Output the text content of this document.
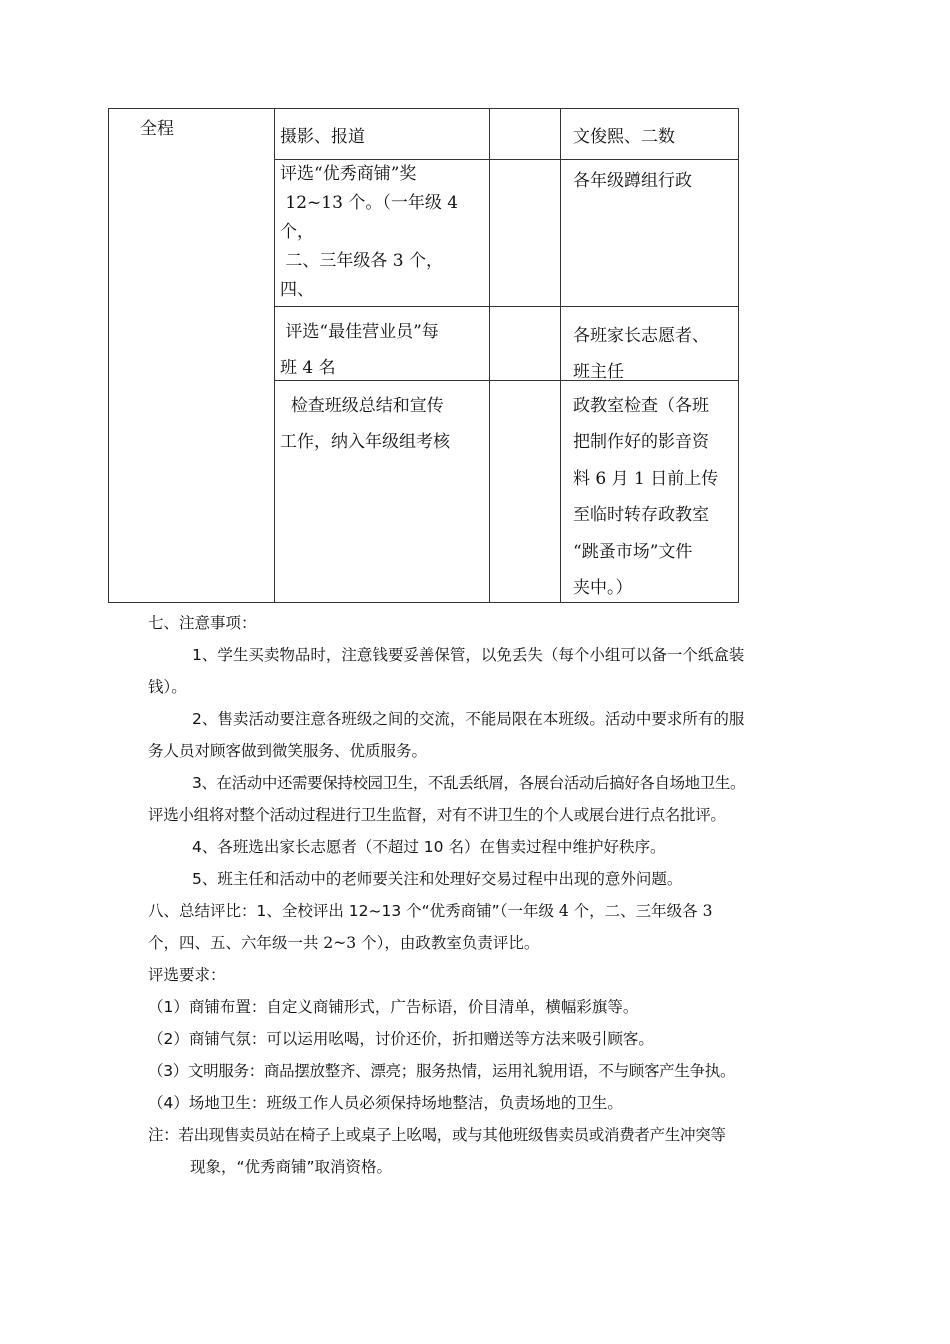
全程	摄影、报道	文俊熙、二数
评选“优秀商铺”奖
12~13 个。（一年级 4
个，
二、三年级各 3 个，
四、
各年级蹲组行政
评选“最佳营业员”每
班 4 名
各班家长志愿者、
班主任
检查班级总结和宣传
工作，纳入年级组考核
政教室检查（各班
把制作好的影音资
料 6 月 1 日前上传
至临时转存政教室
“跳蚤市场”文件
夹中。）
七、注意事项：
1、学生买卖物品时，注意钱要妥善保管，以免丢失（每个小组可以备一个纸盒装
钱）。
2、售卖活动要注意各班级之间的交流，不能局限在本班级。活动中要求所有的服
务人员对顾客做到微笑服务、优质服务。
3、在活动中还需要保持校园卫生，不乱丢纸屑，各展台活动后搞好各自场地卫生。
评选小组将对整个活动过程进行卫生监督，对有不讲卫生的个人或展台进行点名批评。
4、各班选出家长志愿者（不超过 10 名）在售卖过程中维护好秩序。
5、班主任和活动中的老师要关注和处理好交易过程中出现的意外问题。
八、总结评比：1、全校评出 12~13 个“优秀商铺”（一年级 4 个，二、三年级各 3
个，四、五、六年级一共 2~3 个），由政教室负责评比。
评选要求：
（1）商铺布置：自定义商铺形式，广告标语，价目清单，横幅彩旗等。
（2）商铺气氛：可以运用吆喝，讨价还价，折扣赠送等方法来吸引顾客。
（3）文明服务：商品摆放整齐、漂亮；服务热情，运用礼貌用语，不与顾客产生争执。
（4）场地卫生：班级工作人员必须保持场地整洁，负责场地的卫生。
注：若出现售卖员站在椅子上或桌子上吆喝，或与其他班级售卖员或消费者产生冲突等
现象，“优秀商铺”取消资格。
